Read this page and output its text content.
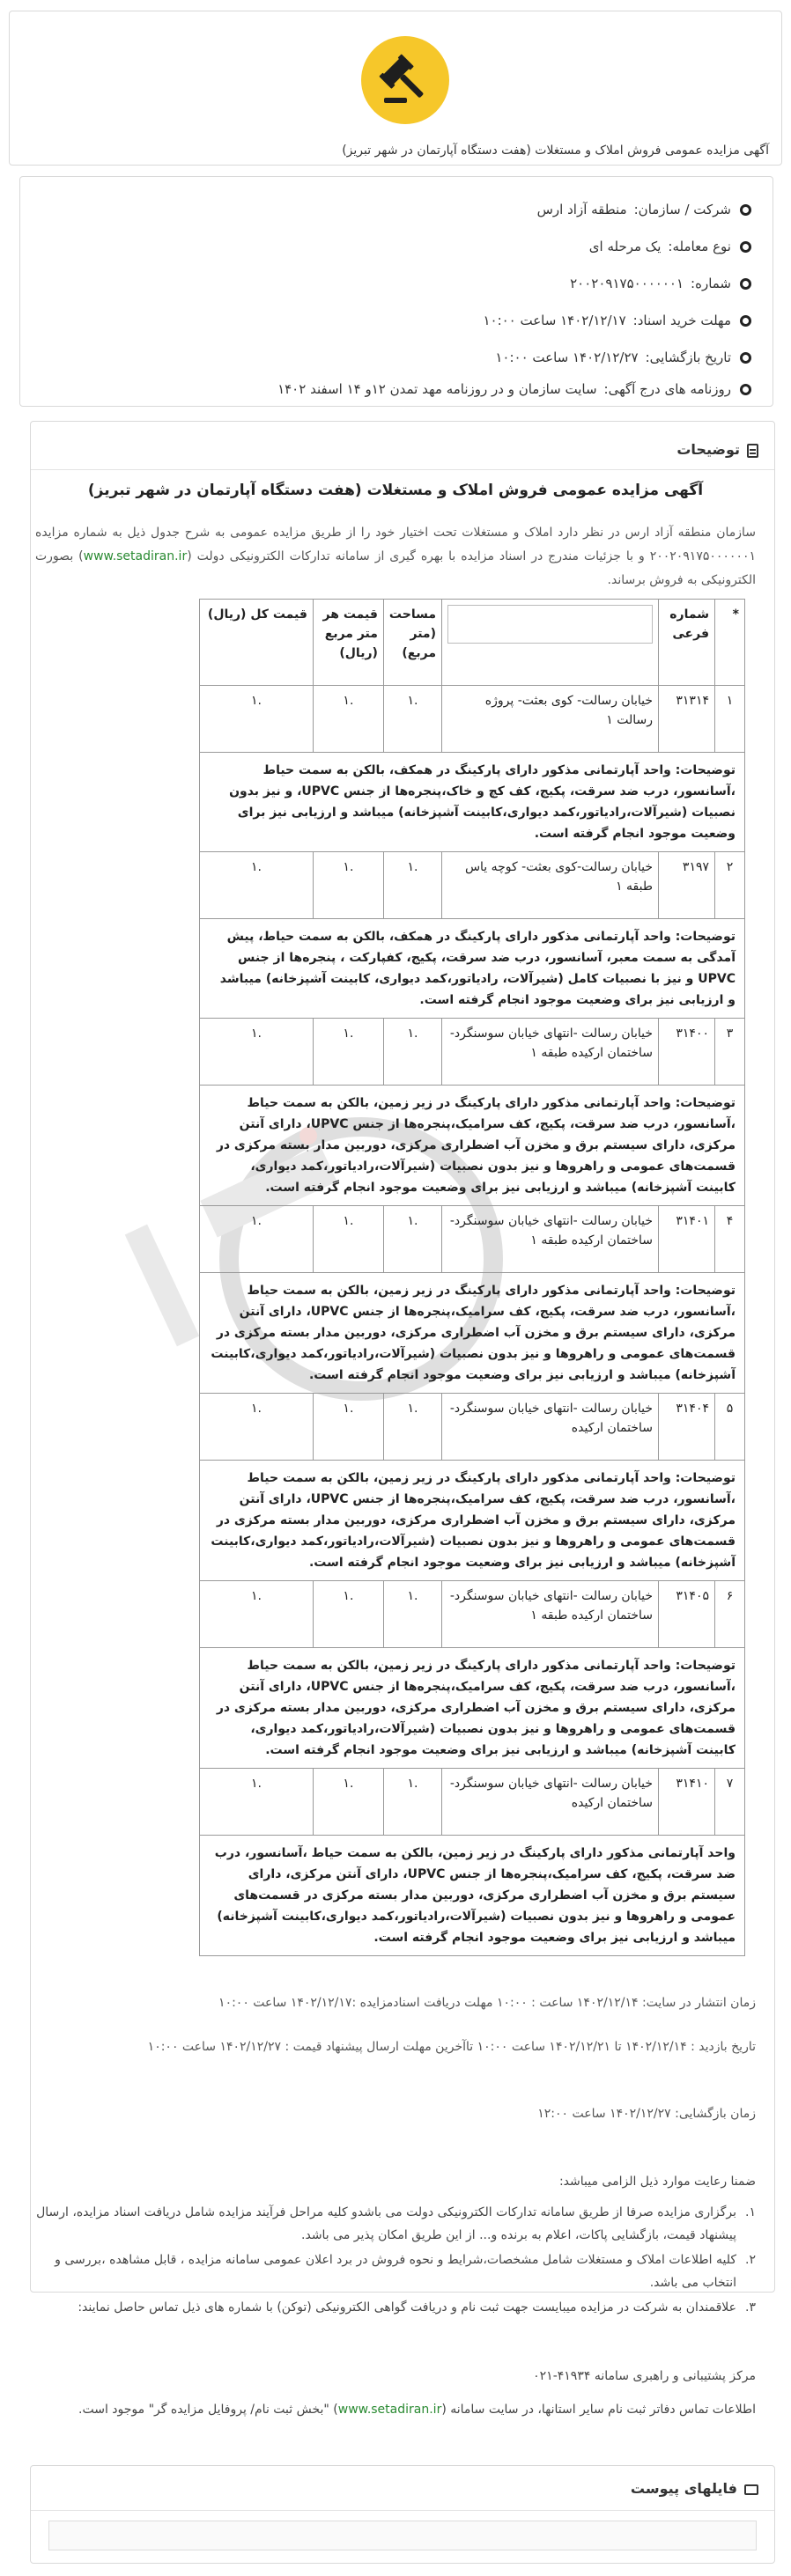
آگهی مزایده عمومی فروش املاک و مستغلات (هفت دستگاه آپارتمان در شهر تبریز)
شرکت / سازمان:منطقه آزاد ارس
نوع معامله:یک مرحله ای
شماره:۲۰۰۲۰۹۱۷۵۰۰۰۰۰۰۱
مهلت خرید اسناد:۱۴۰۲/۱۲/۱۷ ساعت ۱۰:۰۰
تاریخ بازگشایی:۱۴۰۲/۱۲/۲۷ ساعت ۱۰:۰۰
روزنامه های درج آگهی:سایت سازمان و در روزنامه مهد تمدن ۱۲و ۱۴ اسفند ۱۴۰۲
توضیحات
آگهی مزایده عمومی فروش املاک و مستغلات (هفت دستگاه آپارتمان در شهر تبریز)

سازمان منطقه آزاد ارس در نظر دارد املاک و مستغلات تحت اختیار خود را از طریق مزایده عمومی به شرح جدول ذیل به شماره مزایده ۲۰۰۲۰۹۱۷۵۰۰۰۰۰۰۱ و با جزئیات مندرج در اسناد مزایده با بهره گیری از سامانه تدارکات الکترونیکی دولت (www.setadiran.ir) بصورت الکترونیکی به فروش برساند.

*	شماره فرعی		مساحت (متر مربع)	قیمت هر متر مربع (ریال)	قیمت کل (ریال)
۱	۳۱۳۱۴	خیابان رسالت- کوی بعثت- پروژه رسالت ۱	.۱	.۱	.۱
توضیحات: واحد آپارتمانی مذکور دارای پارکینگ در همکف، بالکن به سمت حیاط ،آسانسور، درب ضد سرقت، پکیج، کف کچ و خاک،پنجره‌ها از جنس UPVC، و نیز بدون نصبیات (شیرآلات،رادیاتور،کمد دیواری،کابینت آشپزخانه) میباشد و ارزیابی نیز برای وضعیت موجود انجام گرفته است.					
۲	۳۱۹۷	خیابان رسالت-کوی بعثت- کوچه یاس طبقه ۱	.۱	.۱	.۱
توضیحات: واحد آپارتمانی مذکور دارای پارکینگ در همکف، بالکن به سمت حیاط، پیش آمدگی به سمت معبر، آسانسور، درب ضد سرقت، پکیج، کفپارکت ، پنجره‌ها از جنس UPVC و نیز با نصبیات کامل (شیرآلات، رادیاتور،کمد دیواری، کابینت آشپزخانه) میباشد و ارزیابی نیز برای وضعیت موجود انجام گرفته است.					
۳	۳۱۴۰۰	خیابان رسالت -انتهای خیابان سوسنگرد- ساختمان ارکیده طبقه ۱	.۱	.۱	.۱
توضیحات: واحد آپارتمانی مذکور دارای پارکینگ در زیر زمین، بالکن به سمت حیاط ،آسانسور، درب ضد سرقت، پکیج، کف سرامیک،پنجره‌ها از جنس UPVC، دارای آنتن مرکزی، دارای سیستم برق و مخزن آب اضطراری مرکزی، دوربین مدار بسته مرکزی در قسمت‌های عمومی و راهروها و نیز بدون نصبیات (شیرآلات،رادیاتور،کمد دیواری، کابینت آشپزخانه) میباشد و ارزیابی نیز برای وضعیت موجود انجام گرفته است.					
۴	۳۱۴۰۱	خیابان رسالت -انتهای خیابان سوسنگرد- ساختمان ارکیده طبقه ۱	.۱	.۱	.۱
توضیحات: واحد آپارتمانی مذکور دارای پارکینگ در زیر زمین، بالکن به سمت حیاط ،آسانسور، درب ضد سرقت، پکیج، کف سرامیک،پنجره‌ها از جنس UPVC، دارای آنتن مرکزی، دارای سیستم برق و مخزن آب اضطراری مرکزی، دوربین مدار بسته مرکزی در قسمت‌های عمومی و راهروها و نیز بدون نصبیات (شیرآلات،رادیاتور،کمد دیواری،کابینت آشپزخانه) میباشد و ارزیابی نیز برای وضعیت موجود انجام گرفته است.					
۵	۳۱۴۰۴	خیابان رسالت -انتهای خیابان سوسنگرد- ساختمان ارکیده	.۱	.۱	.۱
توضیحات: واحد آپارتمانی مذکور دارای پارکینگ در زیر زمین، بالکن به سمت حیاط ،آسانسور، درب ضد سرقت، پکیج، کف سرامیک،پنجره‌ها از جنس UPVC، دارای آنتن مرکزی، دارای سیستم برق و مخزن آب اضطراری مرکزی، دوربین مدار بسته مرکزی در قسمت‌های عمومی و راهروها و نیز بدون نصبیات (شیرآلات،رادیاتور،کمد دیواری،کابینت آشپزخانه) میباشد و ارزیابی نیز برای وضعیت موجود انجام گرفته است.					
۶	۳۱۴۰۵	خیابان رسالت -انتهای خیابان سوسنگرد- ساختمان ارکیده طبقه ۱	.۱	.۱	.۱
توضیحات: واحد آپارتمانی مذکور دارای پارکینگ در زیر زمین، بالکن به سمت حیاط ،آسانسور، درب ضد سرقت، پکیج، کف سرامیک،پنجره‌ها از جنس UPVC، دارای آنتن مرکزی، دارای سیستم برق و مخزن آب اضطراری مرکزی، دوربین مدار بسته مرکزی در قسمت‌های عمومی و راهروها و نیز بدون نصبیات (شیرآلات،رادیاتور،کمد دیواری، کابینت آشپزخانه) میباشد و ارزیابی نیز برای وضعیت موجود انجام گرفته است.					
۷	۳۱۴۱۰	خیابان رسالت -انتهای خیابان سوسنگرد- ساختمان ارکیده	.۱	.۱	.۱
واحد آپارتمانی مذکور دارای پارکینگ در زیر زمین، بالکن به سمت حیاط ،آسانسور، درب ضد سرقت، پکیج، کف سرامیک،پنجره‌ها از جنس UPVC، دارای آنتن مرکزی، دارای سیستم برق و مخزن آب اضطراری مرکزی، دوربین مدار بسته مرکزی در قسمت‌های عمومی و راهروها و نیز بدون نصبیات (شیرآلات،رادیاتور،کمد دیواری،کابینت آشپزخانه) میباشد و ارزیابی نیز برای وضعیت موجود انجام گرفته است.					
زمان انتشار در سایت: ۱۴۰۲/۱۲/۱۴ ساعت : ۱۰:۰۰ مهلت دریافت اسنادمزایده :۱۴۰۲/۱۲/۱۷ ساعت ۱۰:۰۰
تاریخ بازدید : ۱۴۰۲/۱۲/۱۴ تا ۱۴۰۲/۱۲/۲۱ ساعت ۱۰:۰۰ تاآخرین مهلت ارسال پیشنهاد قیمت : ۱۴۰۲/۱۲/۲۷ ساعت ۱۰:۰۰
زمان بازگشایی: ۱۴۰۲/۱۲/۲۷ ساعت ۱۲:۰۰
ضمنا رعایت موارد ذیل الزامی میباشد:
۱.
برگزاری مزایده صرفا از طریق سامانه تدارکات الکترونیکی دولت می باشدو کلیه مراحل فرآیند مزایده شامل دریافت اسناد مزایده، ارسال پیشنهاد قیمت، بازگشایی پاکات، اعلام به برنده و... از این طریق امکان پذیر می باشد.
۲.
کلیه اطلاعات املاک و مستغلات شامل مشخصات،شرایط و نحوه فروش در برد اعلان عمومی سامانه مزایده ، قابل مشاهده ،بررسی و انتخاب می باشد.
۳.
علاقمندان به شرکت در مزایده میبایست جهت ثبت نام و دریافت گواهی الکترونیکی (توکن) با شماره های ذیل تماس حاصل نمایند:
مرکز پشتیبانی و راهبری سامانه ۴۱۹۳۴-۰۲۱

اطلاعات تماس دفاتر ثبت نام سایر استانها، در سایت سامانه (www.setadiran.ir) "بخش ثبت نام/ پروفایل مزایده گر" موجود است.

فایلهای پیوست
